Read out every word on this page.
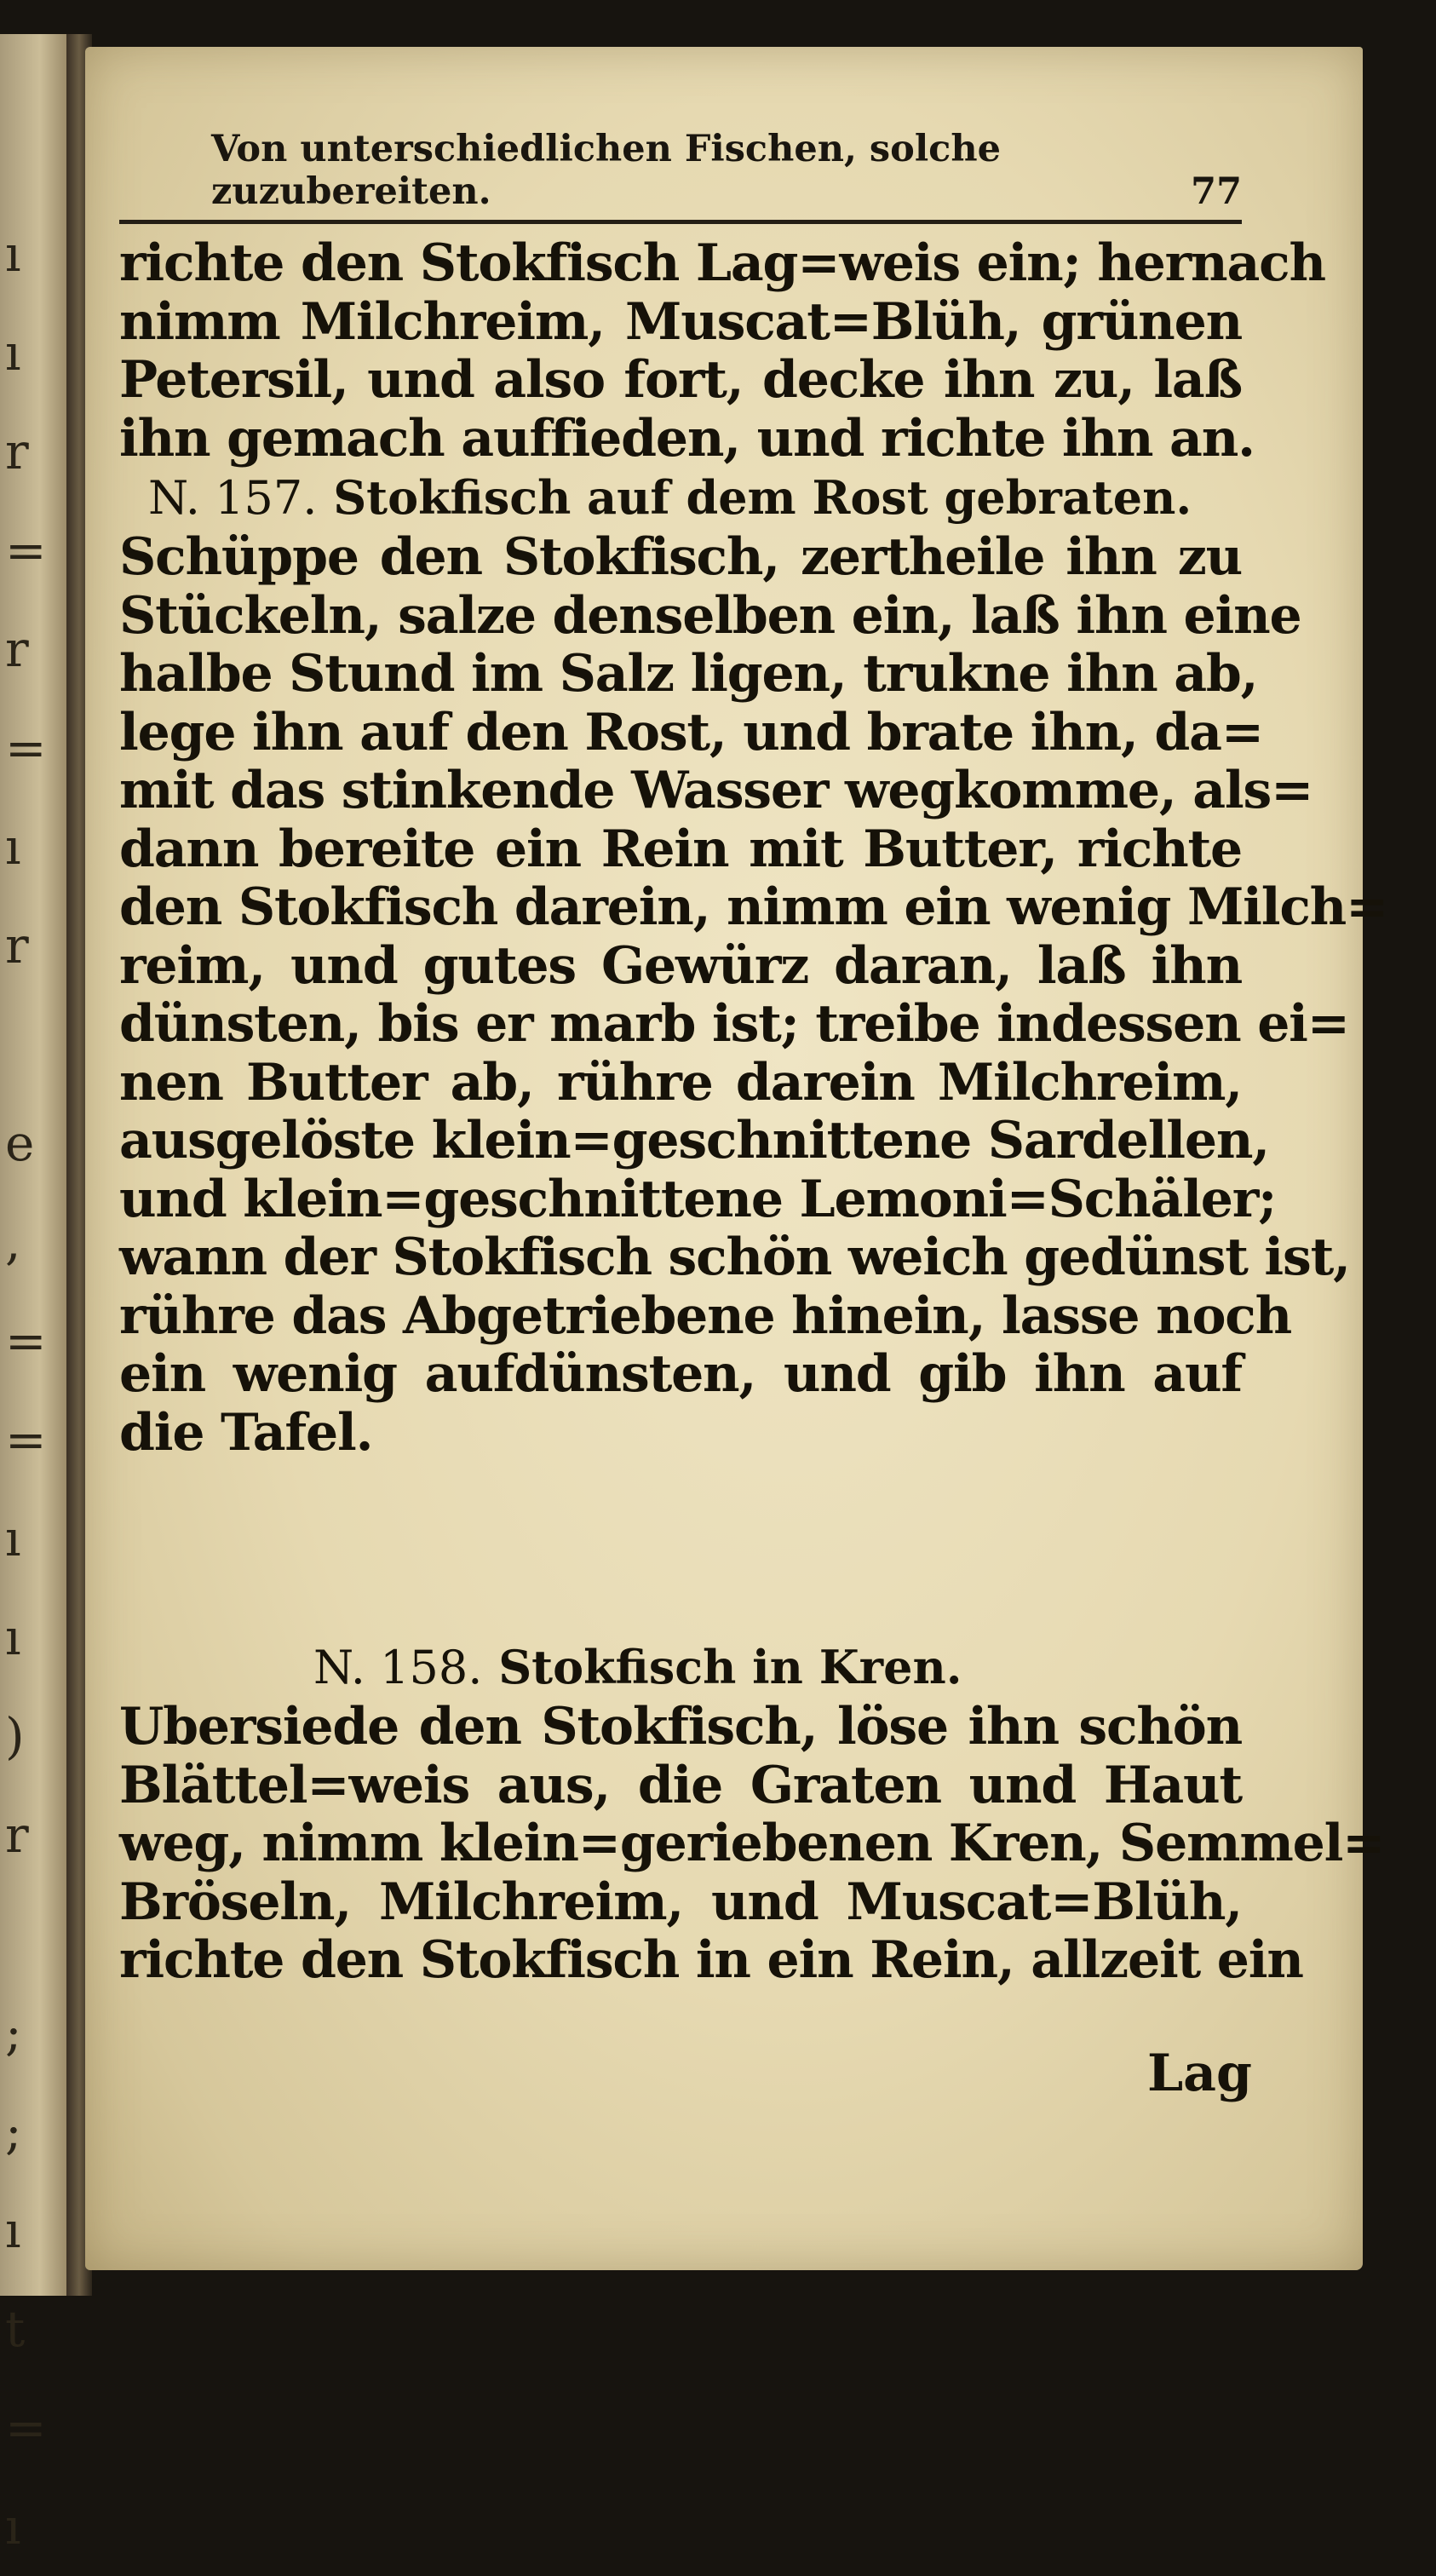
ı
ı
r
=
r
=
ı
r

e
,
=
=
ı
ı
)
r

;
;
ı
t
=
ı
Von unterschiedlichen Fischen, solche zuzubereiten.	77

richte den Stokfisch Lag=weis ein; hernach

nimm Milchreim, Muscat=Blüh, grünen

Petersil, und also fort, decke ihn zu, laß

ihn gemach auffieden, und richte ihn an.

N. 157. Stokfisch auf dem Rost gebraten.

Schüppe den Stokfisch, zertheile ihn zu

Stückeln, salze denselben ein, laß ihn eine

halbe Stund im Salz ligen, trukne ihn ab,

lege ihn auf den Rost, und brate ihn, da=

mit das stinkende Wasser wegkomme, als=

dann bereite ein Rein mit Butter, richte

den Stokfisch darein, nimm ein wenig Milch=

reim, und gutes Gewürz daran, laß ihn

dünsten, bis er marb ist; treibe indessen ei=

nen Butter ab, rühre darein Milchreim,

ausgelöste klein=geschnittene Sardellen,

und klein=geschnittene Lemoni=Schäler;

wann der Stokfisch schön weich gedünst ist,

rühre das Abgetriebene hinein, lasse noch

ein wenig aufdünsten, und gib ihn auf

die Tafel.

N. 158. Stokfisch in Kren.

Ubersiede den Stokfisch, löse ihn schön

Blättel=weis aus, die Graten und Haut

weg, nimm klein=geriebenen Kren, Semmel=

Bröseln, Milchreim, und Muscat=Blüh,

richte den Stokfisch in ein Rein, allzeit ein

Lag
